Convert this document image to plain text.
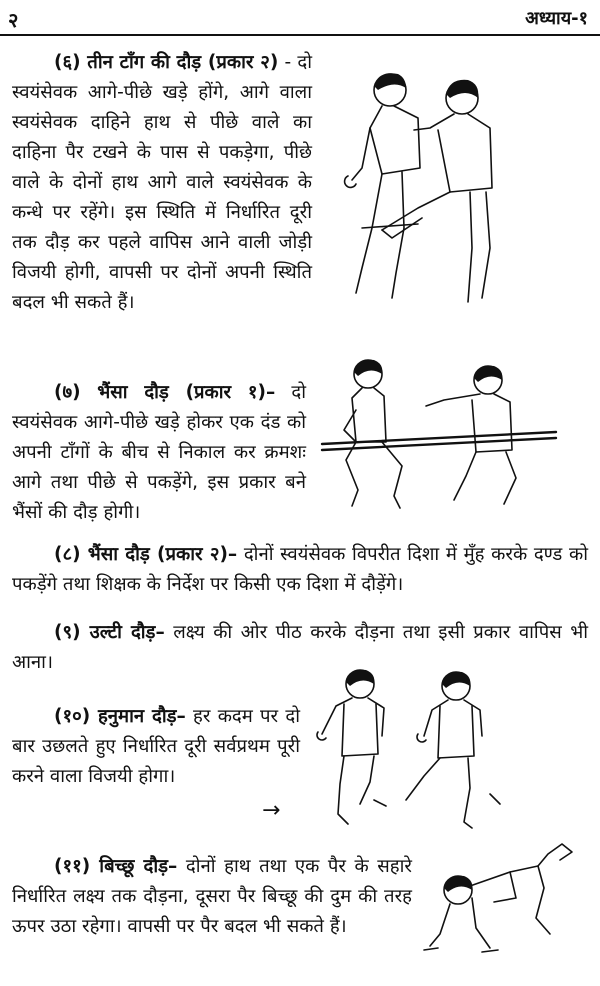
२	अध्याय-१

(६) तीन टाँग की दौड़ (प्रकार २) - दो स्वयंसेवक आगे-पीछे खड़े होंगे, आगे वाला स्वयंसेवक दाहिने हाथ से पीछे वाले का दाहिना पैर टखने के पास से पकड़ेगा, पीछे वाले के दोनों हाथ आगे वाले स्वयंसेवक के कन्धे पर रहेंगे। इस स्थिति में निर्धारित दूरी तक दौड़ कर पहले वापिस आने वाली जोड़ी विजयी होगी, वापसी पर दोनों अपनी स्थिति बदल भी सकते हैं।

(७) भैंसा दौड़ (प्रकार १)– दो स्वयंसेवक आगे-पीछे खड़े होकर एक दंड को अपनी टाँगों के बीच से निकाल कर क्रमशः आगे तथा पीछे से पकड़ेंगे, इस प्रकार बने भैंसों की दौड़ होगी।

(८) भैंसा दौड़ (प्रकार २)– दोनों स्वयंसेवक विपरीत दिशा में मुँह करके दण्ड को पकड़ेंगे तथा शिक्षक के निर्देश पर किसी एक दिशा में दौड़ेंगे।

(९) उल्टी दौड़– लक्ष्य की ओर पीठ करके दौड़ना तथा इसी प्रकार वापिस भी आना।

(१०) हनुमान दौड़– हर कदम पर दो बार उछलते हुए निर्धारित दूरी सर्वप्रथम पूरी करने वाला विजयी होगा।

→

(११) बिच्छू दौड़– दोनों हाथ तथा एक पैर के सहारे निर्धारित लक्ष्य तक दौड़ना, दूसरा पैर बिच्छू की दुम की तरह ऊपर उठा रहेगा। वापसी पर पैर बदल भी सकते हैं।
